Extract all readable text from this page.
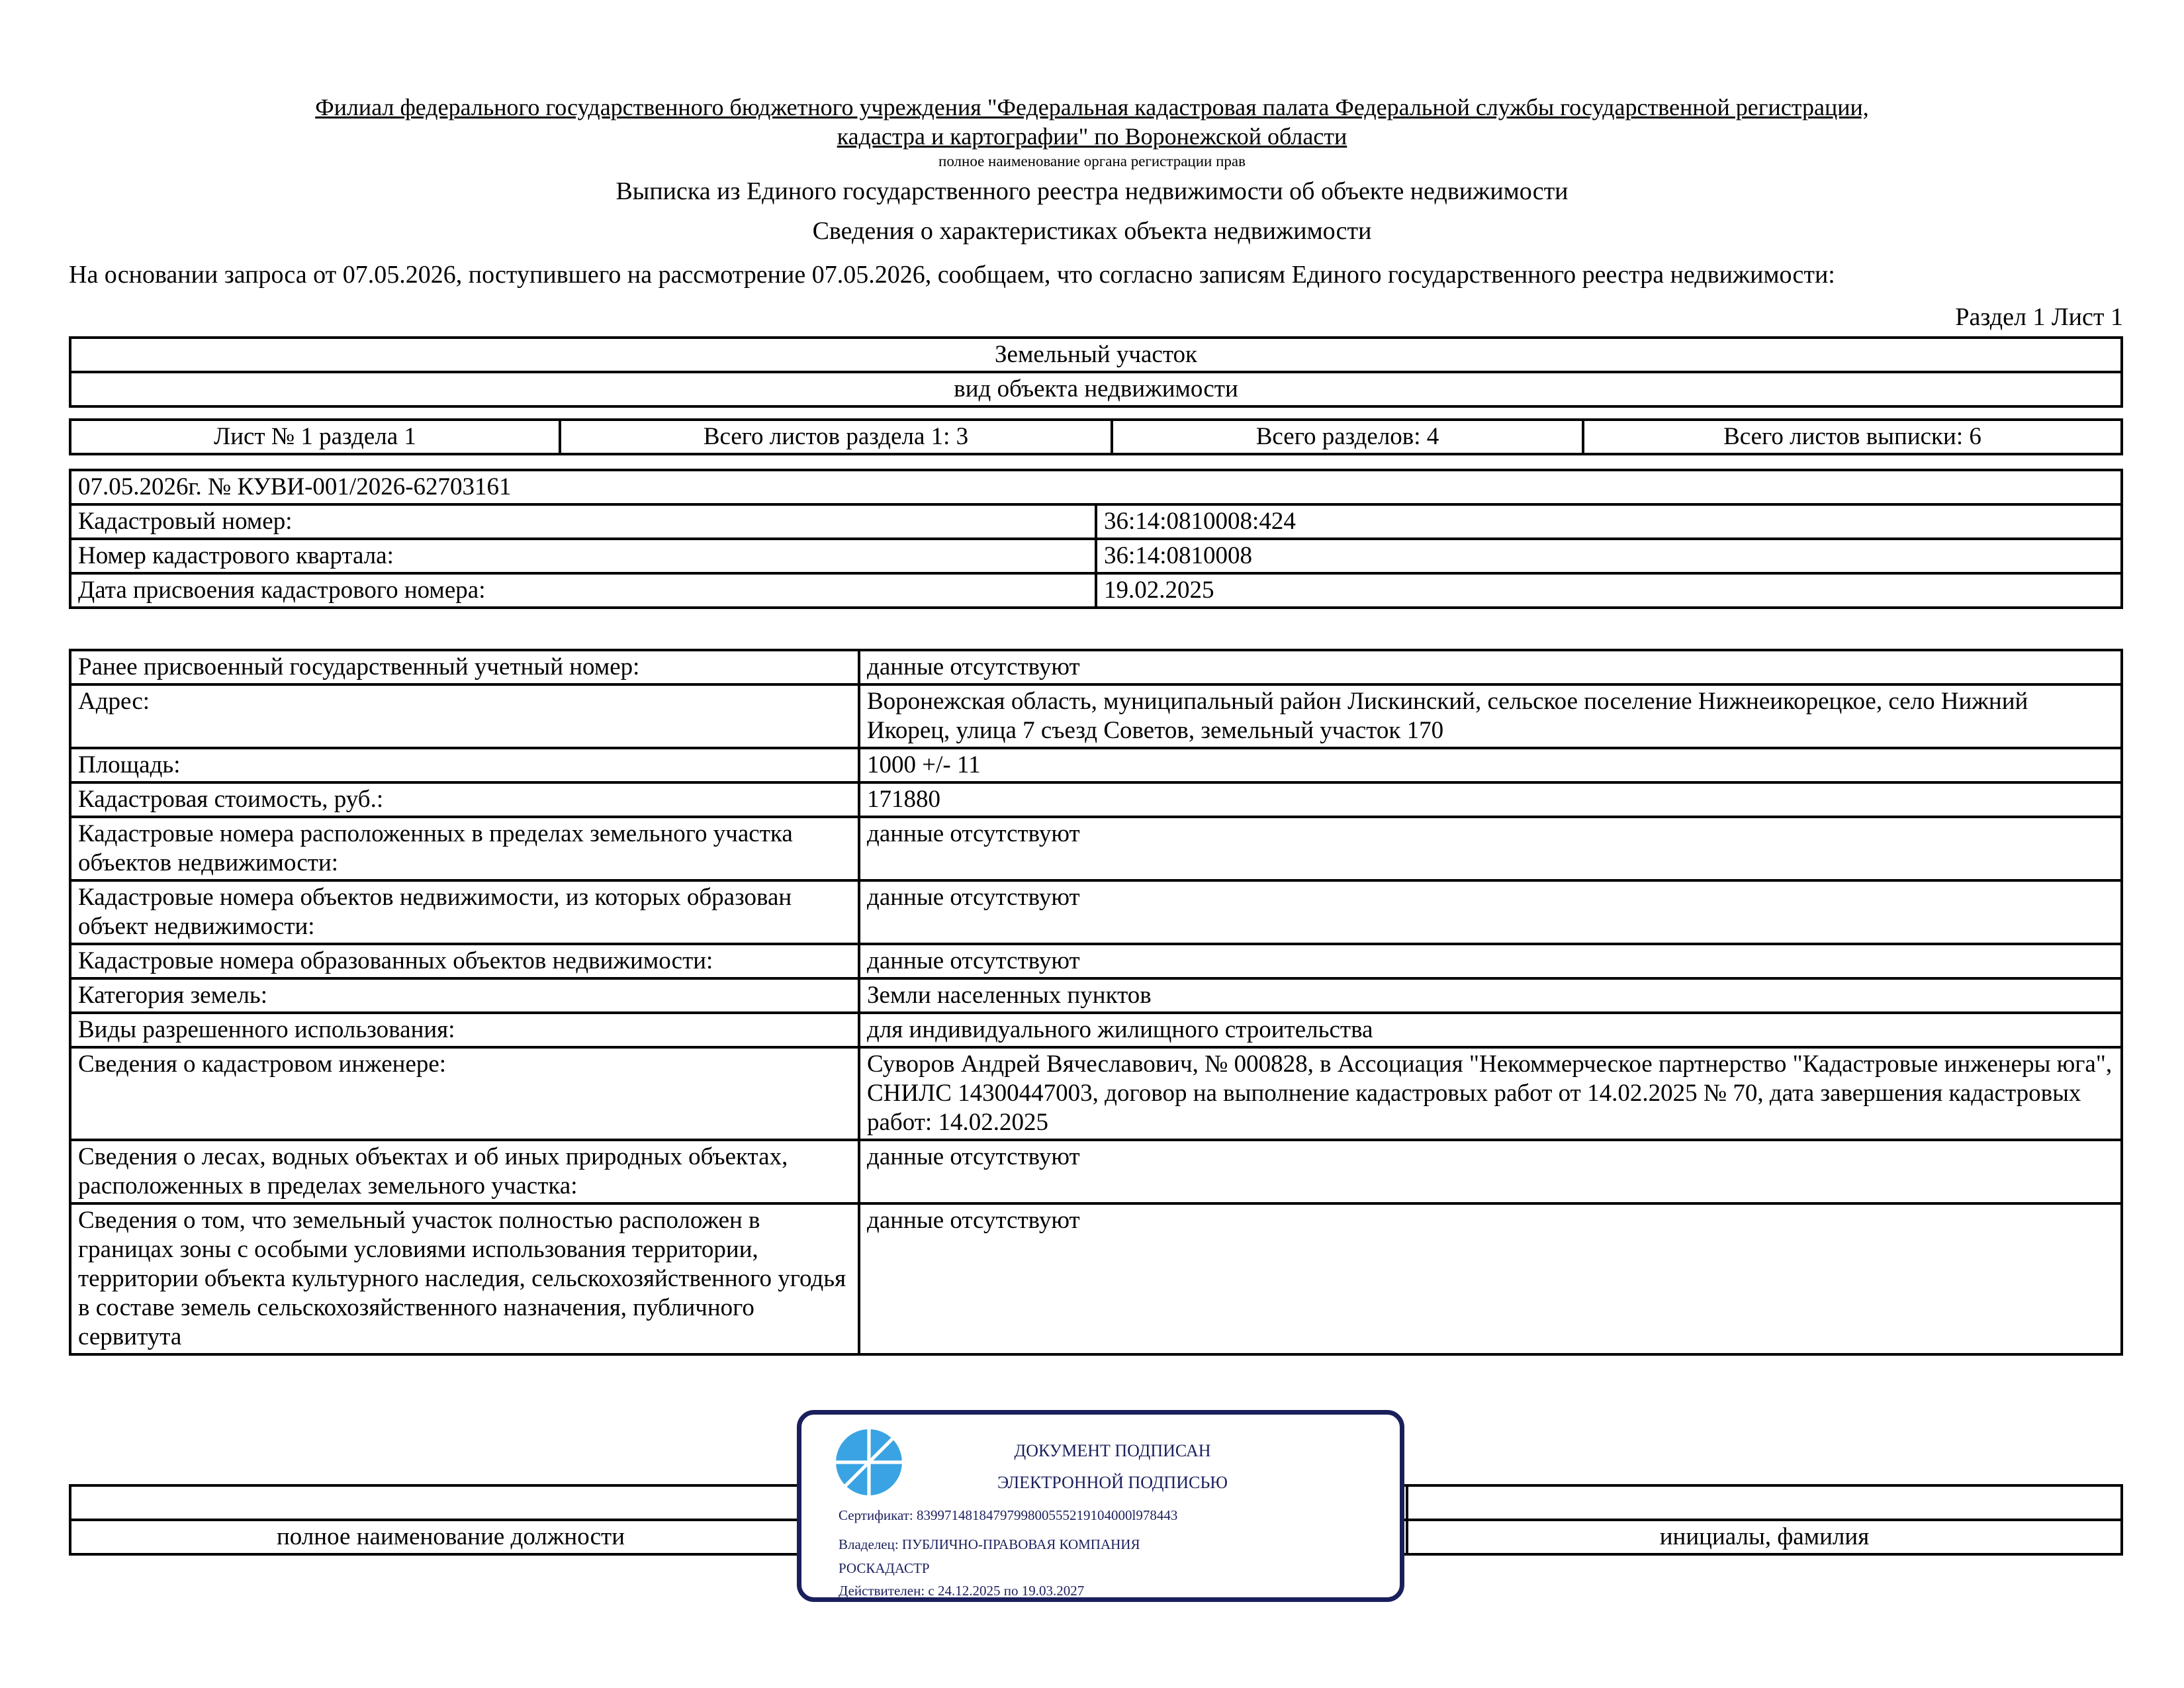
Филиал федерального государственного бюджетного учреждения "Федеральная кадастровая палата Федеральной службы государственной регистрации,
кадастра и картографии" по Воронежской области
полное наименование органа регистрации прав
Выписка из Единого государственного реестра недвижимости об объекте недвижимости
Сведения о характеристиках объекта недвижимости
На основании запроса от 07.05.2026, поступившего на рассмотрение 07.05.2026, сообщаем, что согласно записям Единого государственного реестра недвижимости:
Раздел 1 Лист 1
Земельный участок
вид объекта недвижимости
Лист № 1 раздела 1	Всего листов раздела 1: 3	Всего разделов: 4	Всего листов выписки: 6
07.05.2026г. № КУВИ-001/2026-62703161	
Кадастровый номер:	36:14:0810008:424
Номер кадастрового квартала:	36:14:0810008
Дата присвоения кадастрового номера:	19.02.2025
Ранее присвоенный государственный учетный номер:	данные отсутствуют
Адрес:	Воронежская область, муниципальный район Лискинский, сельское поселение Нижнеикорецкое, село Нижний Икорец, улица 7 съезд Советов, земельный участок 170
Площадь:	1000 +/- 11
Кадастровая стоимость, руб.:	171880
Кадастровые номера расположенных в пределах земельного участка объектов недвижимости:	данные отсутствуют
Кадастровые номера объектов недвижимости, из которых образован объект недвижимости:	данные отсутствуют
Кадастровые номера образованных объектов недвижимости:	данные отсутствуют
Категория земель:	Земли населенных пунктов
Виды разрешенного использования:	для индивидуального жилищного строительства
Сведения о кадастровом инженере:	Суворов Андрей Вячеславович, № 000828, в Ассоциация "Некоммерческое партнерство "Кадастровые инженеры юга", СНИЛС 14300447003, договор на выполнение кадастровых работ от 14.02.2025 № 70, дата завершения кадастровых работ: 14.02.2025
Сведения о лесах, водных объектах и об иных природных объектах, расположенных в пределах земельного участка:	данные отсутствуют
Сведения о том, что земельный участок полностью расположен в границах зоны с особыми условиями использования территории, территории объекта культурного наследия, сельскохозяйственного угодья в составе земель сельскохозяйственного назначения, публичного сервитута	данные отсутствуют

полное наименование должности	инициалы, фамилия
ДОКУМЕНТ ПОДПИСАН
ЭЛЕКТРОННОЙ ПОДПИСЬЮ
Сертификат: 8399714818479799800555219104000l978443
Владелец: ПУБЛИЧНО-ПРАВОВАЯ КОМПАНИЯ
РОСКАДАСТР
Действителен: с 24.12.2025 по 19.03.2027
